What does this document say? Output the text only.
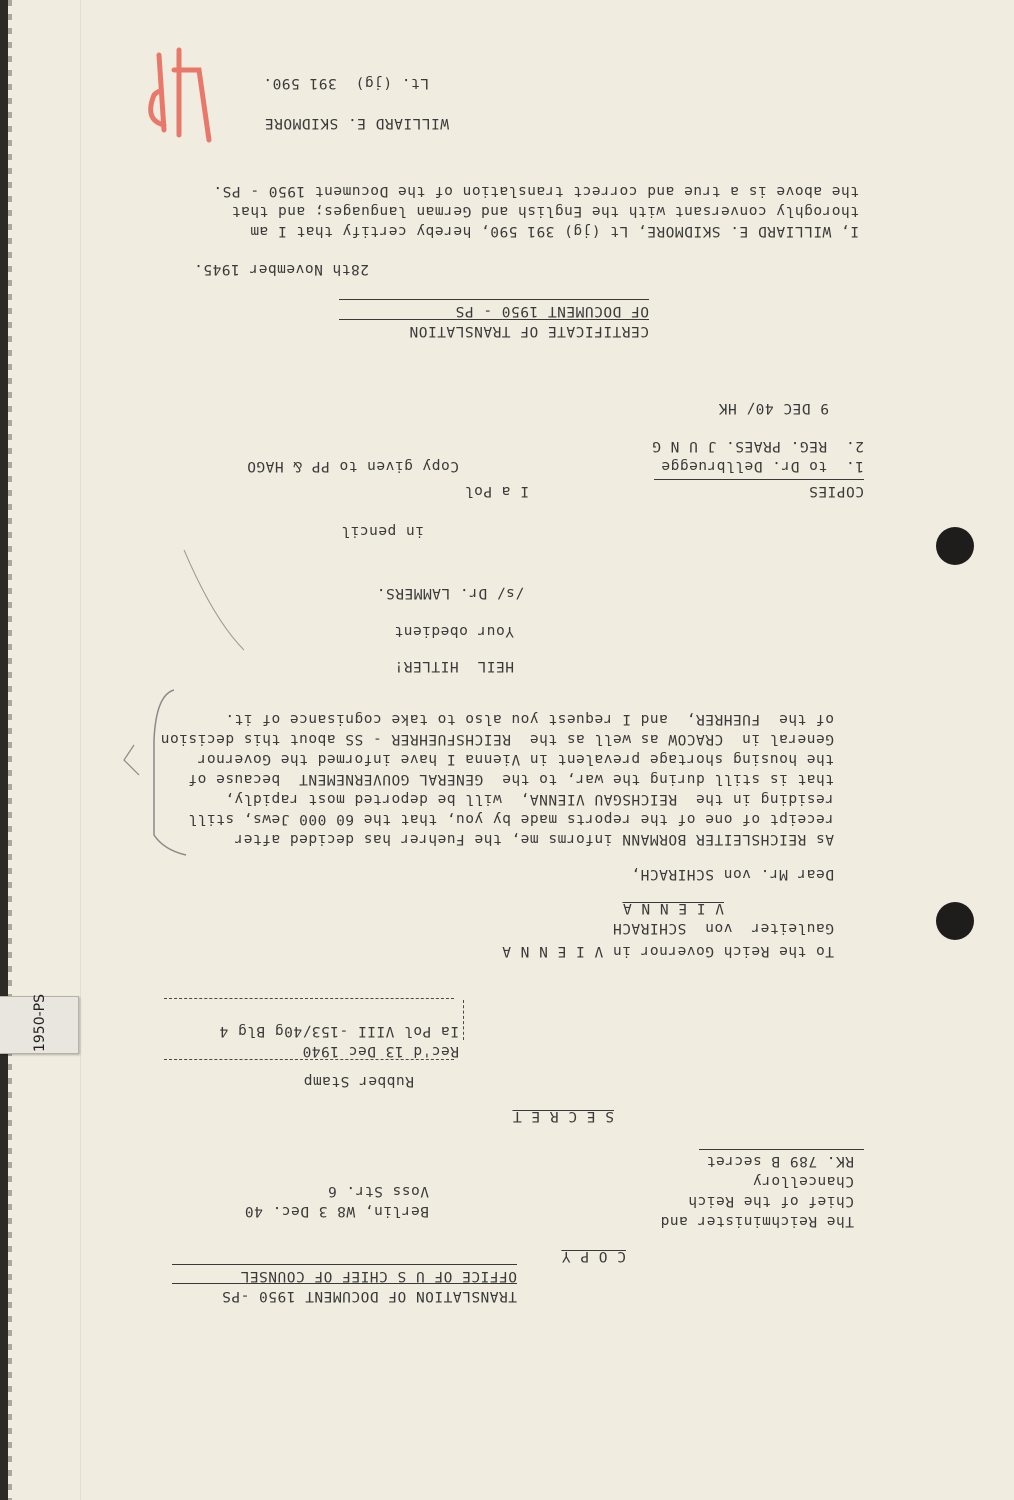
1950-PS
TRANSLATION OF DOCUMENT 1950 -PS
OFFICE OF U S CHIEF OF COUNSEL
C O P Y
The Reichminister and
Chief of the Reich
Chancellory
RK. 789 B secret
Berlin, W8 3 Dec. 40
Voss Str. 6
S E C R E T
Rubber Stamp
Rec'd 13 Dec 1940
Ia Pol VIII -153/40g Blg 4
To the Reich Governor in V I E N N A
Gauleiter  von  SCHIRACH
V I E N N A
Dear Mr. von SCHIRACH,
As REICHSLEITER BORMANN informs me, the Fuehrer has decided after
receipt of one of the reports made by you, that the 60 000 Jews, still
residing in the  REICHSGAU VIENNA,  will be deported most rapidly,
that is still during the war, to the  GENERAL GOUVERNEMENT  because of
the housing shortage prevalent in Vienna I have informed the Governor
General in  CRACOW as well as the  REICHSFUEHRER - SS about this decision
of the  FUEHRER,  and I request you also to take cognisance of it.
HEIL  HITLER!
Your obedient
/s/ Dr. LAMMERS.
in pencil
I a Pol	COPIES
1.  to Dr. Dellbruegge
2.  REG. PRAES. J U N G
Copy given to PP & HAGO
9 DEC 40/ HK
CERTIFICATE OF TRANSLATION
OF DOCUMENT 1950 - PS
28th November 1945.
I, WILLIARD E. SKIDMORE, Lt (jg) 391 590, hereby certify that I am
thoroghly conversant with the English and German languages; and that
the above is a true and correct translation of the Document 1950 - PS.
WILLIARD E. SKIDMORE
Lt. (jg)  391 590.
